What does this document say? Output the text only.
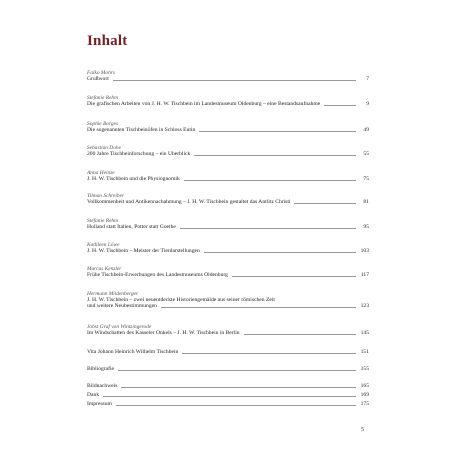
Inhalt
Falko Mohrs
Grußwort	7
Stefanie Rehm
Die grafischen Arbeiten von J. H. W. Tischbein im Landesmuseum Oldenburg – eine Bestandsaufnahme	9
Sophie Borges
Die sogenannten Tischbeinöfen in Schloss Eutin	49
Sebastian Dohe
200 Jahre Tischbeinforschung – ein Überblick	55
Anna Heinze
J. H. W. Tischbein und die Physiognomik	75
Tilman Schreiber
Vollkommenheit und Antikennachahmung – J. H. W. Tischbein gestaltet das Antlitz Christi	81
Stefanie Rehm
Holland statt Italien, Potter statt Goethe	95
Kathleen Löwe
J. H. W. Tischbein – Meister der Tierdarstellungen	103
Marcus Kenzler
Frühe Tischbein-Erwerbungen des Landesmuseums Oldenburg	117
Hermann Mildenberger
J. H. W. Tischbein – zwei neuentdeckte Historiengemälde aus seiner römischen Zeit
und weitere Neubestimmungen	123
Jobst Graf von Wintzingerode
Im Windschatten des Kasseler Onkels – J. H. W. Tischbein in Berlin	145
Vita Johann Heinrich Wilhelm Tischbein	151
Bibliografie	155
Bildnachweis	165
Dank	169
Impressum	175
5
